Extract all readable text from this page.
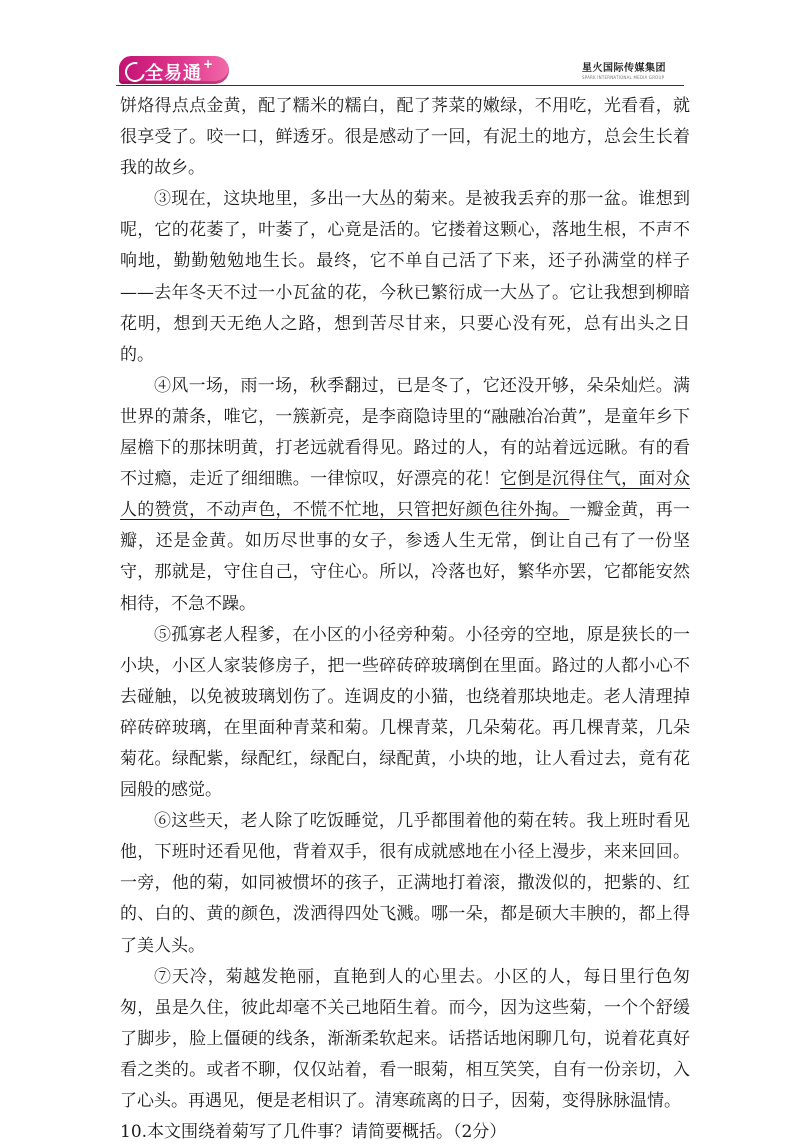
全易通 +	星火国际传媒集团
SPARK INTERNATIONAL MEDIA GROUP

饼烙得点点金黄，配了糯米的糯白，配了荠菜的嫩绿，不用吃，光看看，就很享受了。咬一口，鲜透牙。很是感动了一回，有泥土的地方，总会生长着我的故乡。

③现在，这块地里，多出一大丛的菊来。是被我丢弃的那一盆。谁想到呢，它的花萎了，叶萎了，心竟是活的。它搂着这颗心，落地生根，不声不响地，勤勤勉勉地生长。最终，它不单自己活了下来，还子孙满堂的样子——去年冬天不过一小瓦盆的花，今秋已繁衍成一大丛了。它让我想到柳暗花明，想到天无绝人之路，想到苦尽甘来，只要心没有死，总有出头之日的。

④风一场，雨一场，秋季翻过，已是冬了，它还没开够，朵朵灿烂。满世界的萧条，唯它，一簇新亮，是李商隐诗里的“融融冶冶黄”，是童年乡下屋檐下的那抹明黄，打老远就看得见。路过的人，有的站着远远瞅。有的看不过瘾，走近了细细瞧。一律惊叹，好漂亮的花！它倒是沉得住气，面对众人的赞赏，不动声色，不慌不忙地，只管把好颜色往外掏。一瓣金黄，再一瓣，还是金黄。如历尽世事的女子，参透人生无常，倒让自己有了一份坚守，那就是，守住自己，守住心。所以，冷落也好，繁华亦罢，它都能安然相待，不急不躁。

⑤孤寡老人程爹，在小区的小径旁种菊。小径旁的空地，原是狭长的一小块，小区人家装修房子，把一些碎砖碎玻璃倒在里面。路过的人都小心不去碰触，以免被玻璃划伤了。连调皮的小猫，也绕着那块地走。老人清理掉碎砖碎玻璃，在里面种青菜和菊。几棵青菜，几朵菊花。再几棵青菜，几朵菊花。绿配紫，绿配红，绿配白，绿配黄，小块的地，让人看过去，竟有花园般的感觉。

⑥这些天，老人除了吃饭睡觉，几乎都围着他的菊在转。我上班时看见他，下班时还看见他，背着双手，很有成就感地在小径上漫步，来来回回。一旁，他的菊，如同被惯坏的孩子，正满地打着滚，撒泼似的，把紫的、红的、白的、黄的颜色，泼洒得四处飞溅。哪一朵，都是硕大丰腴的，都上得了美人头。

⑦天冷，菊越发艳丽，直艳到人的心里去。小区的人，每日里行色匆匆，虽是久住，彼此却毫不关己地陌生着。而今，因为这些菊，一个个舒缓了脚步，脸上僵硬的线条，渐渐柔软起来。话搭话地闲聊几句，说着花真好看之类的。或者不聊，仅仅站着，看一眼菊，相互笑笑，自有一份亲切，入了心头。再遇见，便是老相识了。清寒疏离的日子，因菊，变得脉脉温情。

10.本文围绕着菊写了几件事？请简要概括。（2分）
